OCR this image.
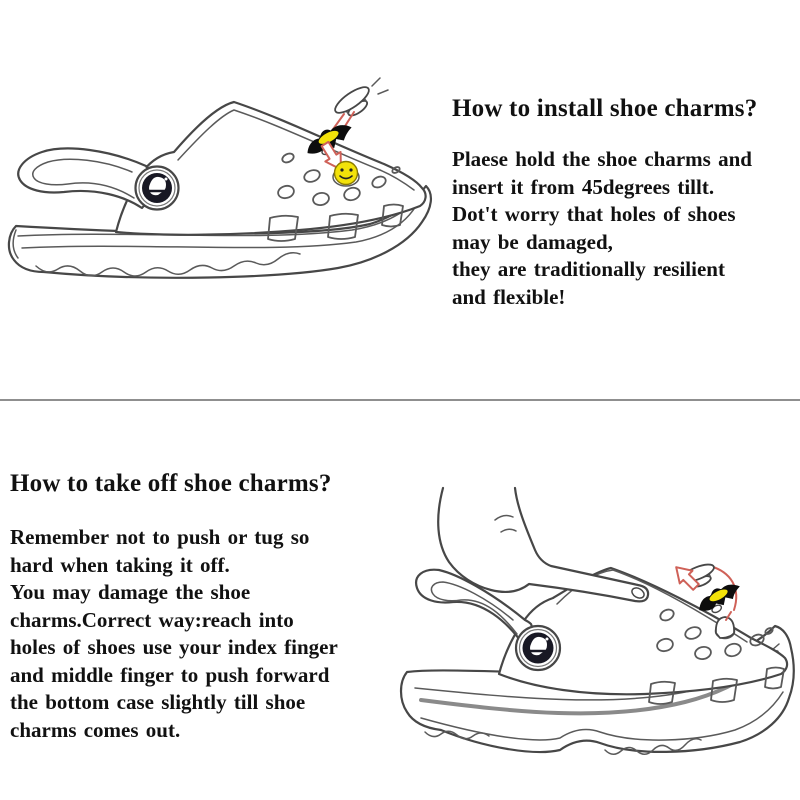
How to install shoe charms?
Plaese hold the shoe charms and
insert it from 45degrees tillt.
Dot't worry that holes of shoes
may be damaged,
they are traditionally resilient
and flexible!
How to take off shoe charms?
Remember not to push or tug so
hard when taking it off.
You may damage the shoe
charms.Correct way:reach into
holes of shoes use your index finger
and middle finger to push forward
the bottom case slightly till shoe
charms comes out.
